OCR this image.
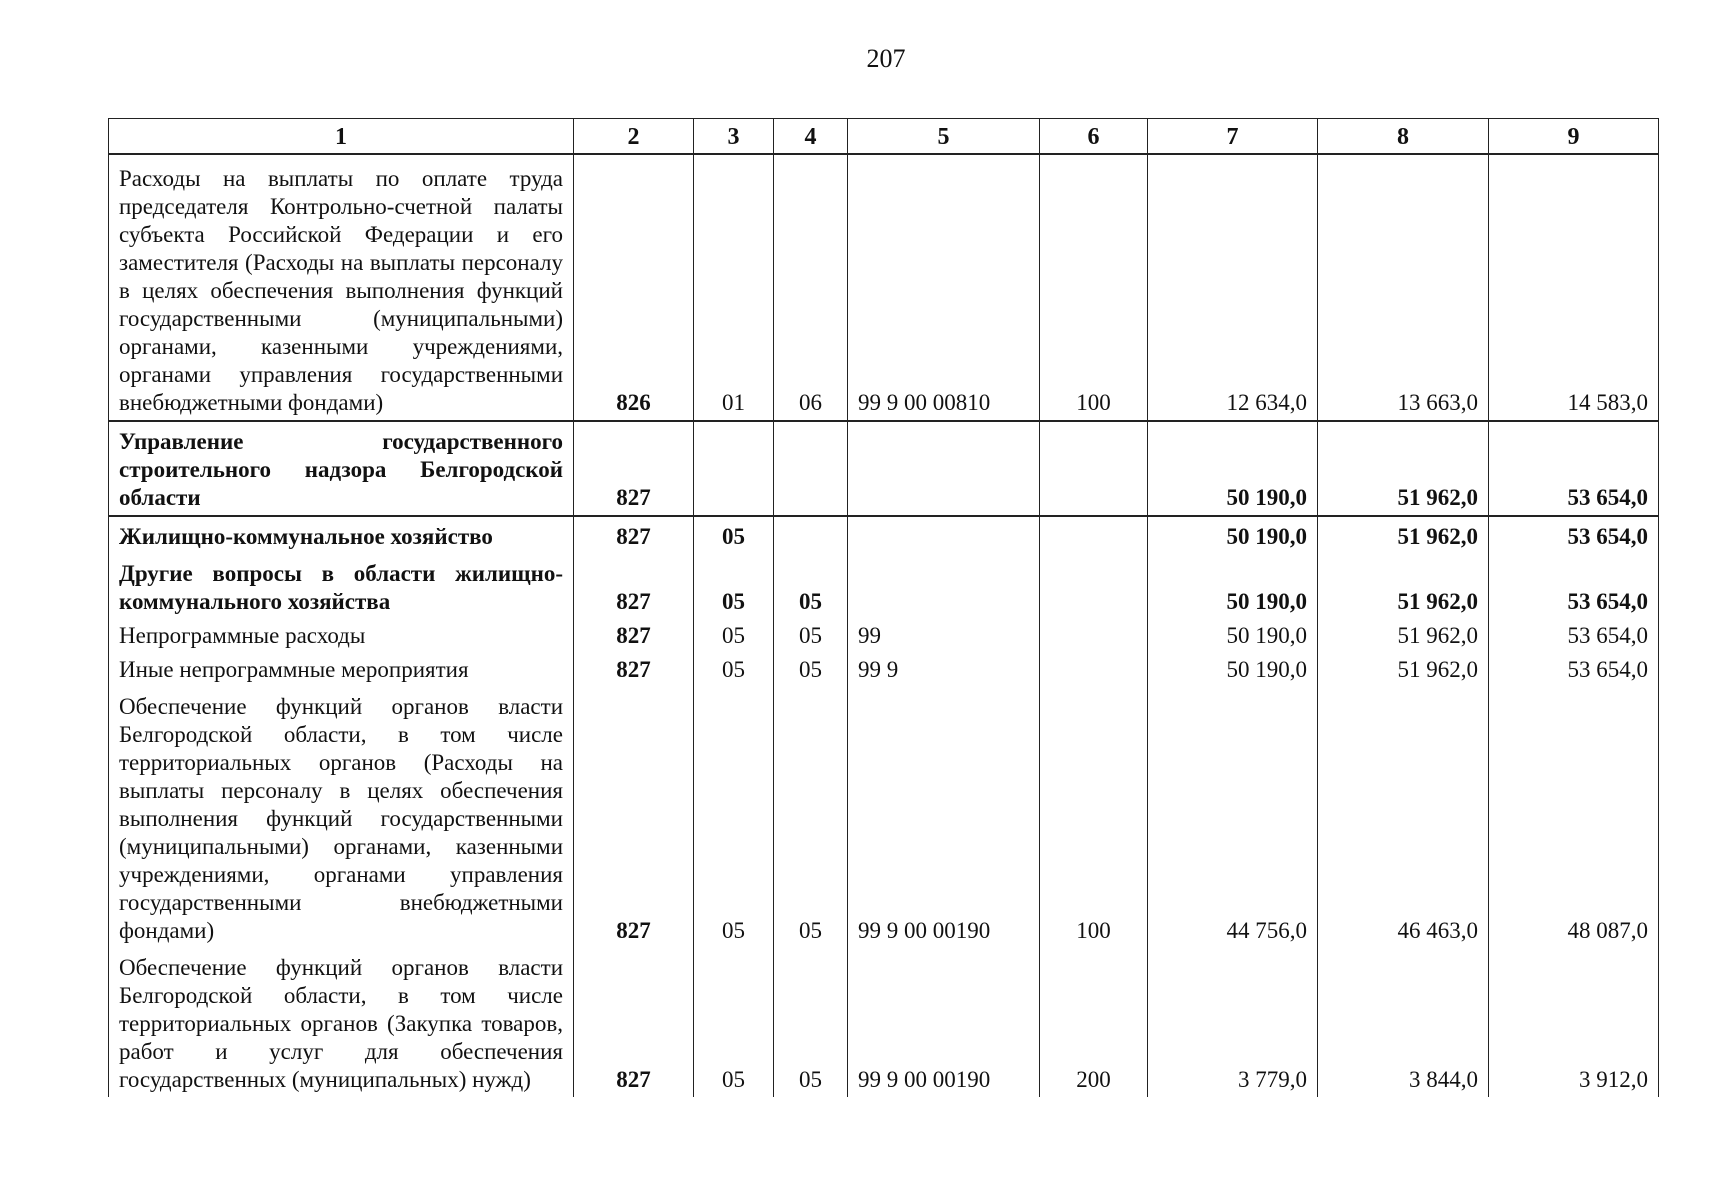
207
1	2	3	4	5	6	7	8	9
Расходы на выплаты по оплате труда председателя Контрольно-счетной палаты субъекта Российской Федерации и его заместителя (Расходы на выплаты персоналу в целях обеспечения выполнения функций государственными (муниципальными) органами, казенными учреждениями, органами управления государственными внебюджетными фондами)	826	01	06	99 9 00 00810	100	12 634,0	13 663,0	14 583,0
Управление государственного строительного надзора Белгородской области	827					50 190,0	51 962,0	53 654,0
Жилищно-коммунальное хозяйство	827	05				50 190,0	51 962,0	53 654,0
Другие вопросы в области жилищно-коммунального хозяйства	827	05	05			50 190,0	51 962,0	53 654,0
Непрограммные расходы	827	05	05	99		50 190,0	51 962,0	53 654,0
Иные непрограммные мероприятия	827	05	05	99 9		50 190,0	51 962,0	53 654,0
Обеспечение функций органов власти Белгородской области, в том числе территориальных органов (Расходы на выплаты персоналу в целях обеспечения выполнения функций государственными (муниципальными) органами, казенными учреждениями, органами управления государственными внебюджетными фондами)	827	05	05	99 9 00 00190	100	44 756,0	46 463,0	48 087,0
Обеспечение функций органов власти Белгородской области, в том числе территориальных органов (Закупка товаров, работ и услуг для обеспечения государственных (муниципальных) нужд)	827	05	05	99 9 00 00190	200	3 779,0	3 844,0	3 912,0
